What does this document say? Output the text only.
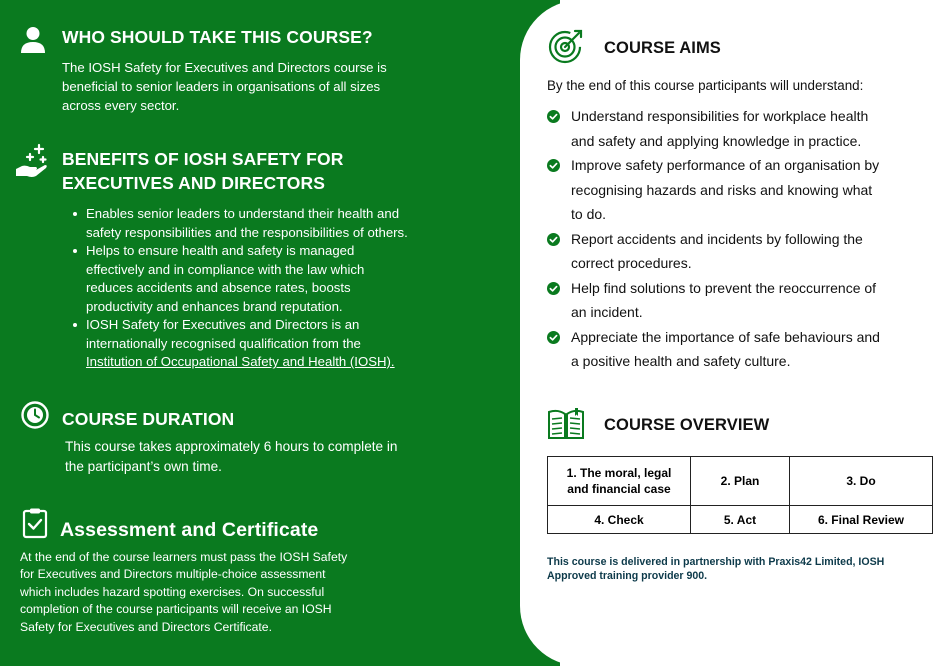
WHO SHOULD TAKE THIS COURSE?
The IOSH Safety for Executives and Directors course is
beneficial to senior leaders in organisations of all sizes
across every sector.
BENEFITS OF IOSH SAFETY FOR
EXECUTIVES AND DIRECTORS
Enables senior leaders to understand their health and
safety responsibilities and the responsibilities of others.
Helps to ensure health and safety is managed
effectively and in compliance with the law which
reduces accidents and absence rates, boosts
productivity and enhances brand reputation.
IOSH Safety for Executives and Directors is an
internationally recognised qualification from the
Institution of Occupational Safety and Health (IOSH).
COURSE DURATION
This course takes approximately 6 hours to complete in
the participant’s own time.
Assessment and Certificate
At the end of the course learners must pass the IOSH Safety
for Executives and Directors multiple-choice assessment
which includes hazard spotting exercises. On successful
completion of the course participants will receive an IOSH
Safety for Executives and Directors Certificate.
COURSE AIMS
By the end of this course participants will understand:
Understand responsibilities for workplace health
and safety and applying knowledge in practice.
Improve safety performance of an organisation by
recognising hazards and risks and knowing what
to do.
Report accidents and incidents by following the
correct procedures.
Help find solutions to prevent the reoccurrence of
an incident.
Appreciate the importance of safe behaviours and
a positive health and safety culture.
COURSE OVERVIEW
1. The moral, legal
and financial case	2. Plan	3. Do
4. Check	5. Act	6. Final Review
This course is delivered in partnership with Praxis42 Limited, IOSH
Approved training provider 900.
